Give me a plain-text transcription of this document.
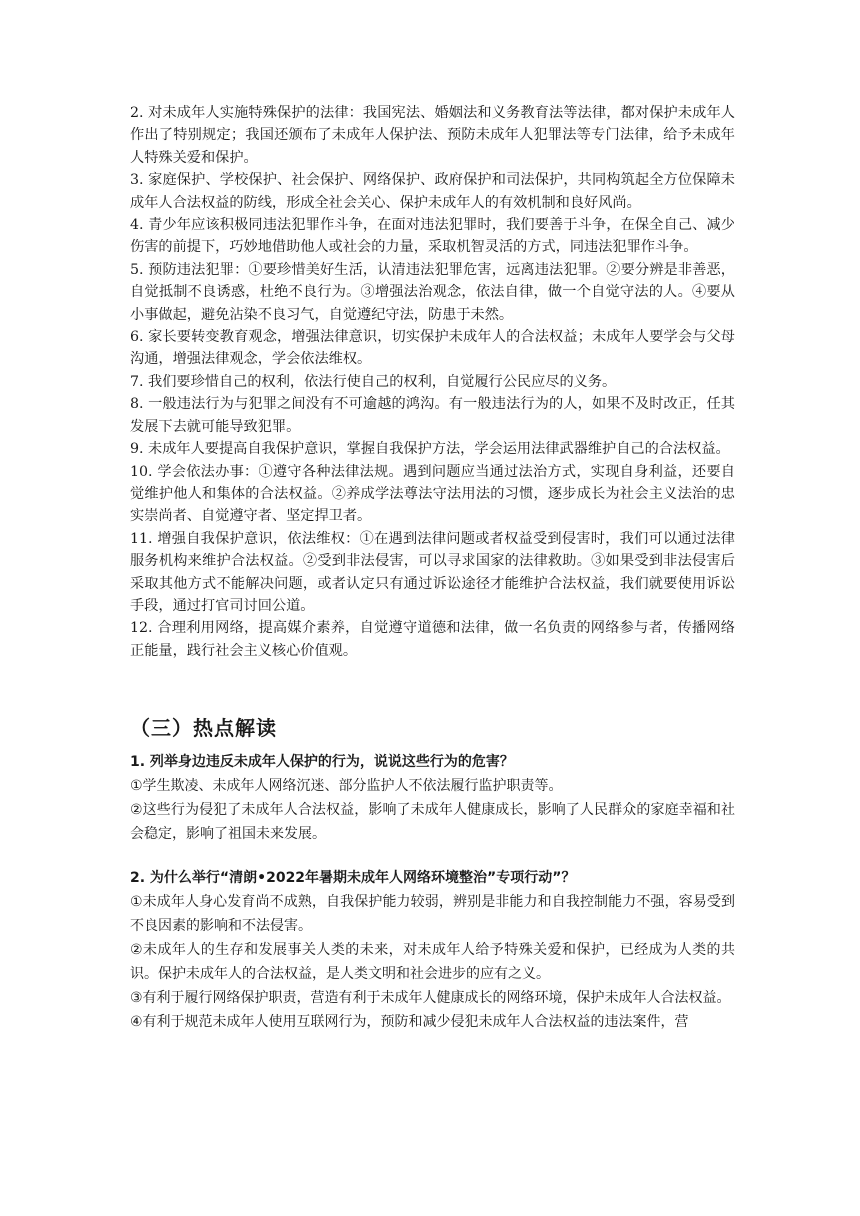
2. 对未成年人实施特殊保护的法律：我国宪法、婚姻法和义务教育法等法律，都对保护未成年人作出了特别规定；我国还颁布了未成年人保护法、预防未成年人犯罪法等专门法律，给予未成年人特殊关爱和保护。

3. 家庭保护、学校保护、社会保护、网络保护、政府保护和司法保护，共同构筑起全方位保障未成年人合法权益的防线，形成全社会关心、保护未成年人的有效机制和良好风尚。

4. 青少年应该积极同违法犯罪作斗争，在面对违法犯罪时，我们要善于斗争，在保全自己、减少伤害的前提下，巧妙地借助他人或社会的力量，采取机智灵活的方式，同违法犯罪作斗争。

5. 预防违法犯罪：①要珍惜美好生活，认清违法犯罪危害，远离违法犯罪。②要分辨是非善恶，自觉抵制不良诱惑，杜绝不良行为。③增强法治观念，依法自律，做一个自觉守法的人。④要从小事做起，避免沾染不良习气，自觉遵纪守法，防患于未然。

6. 家长要转变教育观念，增强法律意识，切实保护未成年人的合法权益；未成年人要学会与父母沟通，增强法律观念，学会依法维权。

7. 我们要珍惜自己的权利，依法行使自己的权利，自觉履行公民应尽的义务。

8. 一般违法行为与犯罪之间没有不可逾越的鸿沟。有一般违法行为的人，如果不及时改正，任其发展下去就可能导致犯罪。

9. 未成年人要提高自我保护意识，掌握自我保护方法，学会运用法律武器维护自己的合法权益。

10. 学会依法办事：①遵守各种法律法规。遇到问题应当通过法治方式，实现自身利益，还要自觉维护他人和集体的合法权益。②养成学法尊法守法用法的习惯，逐步成长为社会主义法治的忠实崇尚者、自觉遵守者、坚定捍卫者。

11. 增强自我保护意识，依法维权：①在遇到法律问题或者权益受到侵害时，我们可以通过法律服务机构来维护合法权益。②受到非法侵害，可以寻求国家的法律救助。③如果受到非法侵害后采取其他方式不能解决问题，或者认定只有通过诉讼途径才能维护合法权益，我们就要使用诉讼手段，通过打官司讨回公道。

12. 合理利用网络，提高媒介素养，自觉遵守道德和法律，做一名负责的网络参与者，传播网络正能量，践行社会主义核心价值观。

（三）热点解读

1. 列举身边违反未成年人保护的行为，说说这些行为的危害？

①学生欺凌、未成年人网络沉迷、部分监护人不依法履行监护职责等。

②这些行为侵犯了未成年人合法权益，影响了未成年人健康成长，影响了人民群众的家庭幸福和社会稳定，影响了祖国未来发展。

2. 为什么举行“清朗•2022年暑期未成年人网络环境整治”专项行动”？

①未成年人身心发育尚不成熟，自我保护能力较弱，辨别是非能力和自我控制能力不强，容易受到不良因素的影响和不法侵害。

②未成年人的生存和发展事关人类的未来，对未成年人给予特殊关爱和保护，已经成为人类的共识。保护未成年人的合法权益，是人类文明和社会进步的应有之义。

③有利于履行网络保护职责，营造有利于未成年人健康成长的网络环境，保护未成年人合法权益。

④有利于规范未成年人使用互联网行为，预防和减少侵犯未成年人合法权益的违法案件，营
